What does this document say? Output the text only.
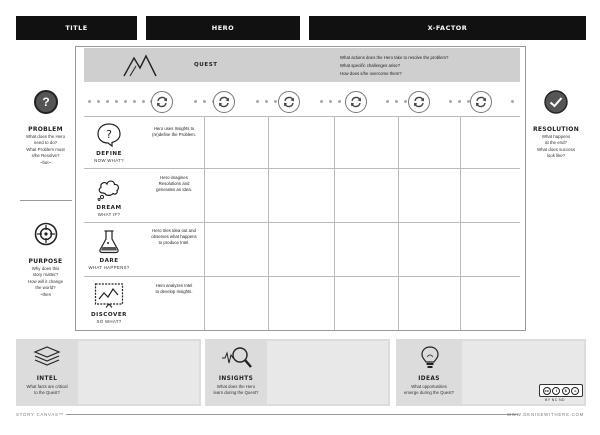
TITLE	HERO	X-FACTOR
?
PROBLEM
What does the Hero
need to do?
What Problem must
s/he Resolve?
~but~
PURPOSE
Why does this
story matter?
How will it change
the world?
~then
RESOLUTION
What happens
at the end?
What does success
look like?
QUEST
What actions does the Hero take to resolve the problem?
What specific challenges arise?
How does s/he overcome them?
?
DEFINE
NOW WHAT?
Hero uses Insights to
(re)define the Problem.
DREAM
WHAT IF?
Hero imagines
Resolutions and
generates an Idea.
DARE
WHAT HAPPENS?
Hero tries Idea out and
observes what happens
to produce Intel.
DISCOVER
SO WHAT?
Hero analyzes Intel
to develop Insights.
INTEL
What facts are critical
to the Quest?
INSIGHTS
What does the Hero
learn during the Quest?
IDEAS
What opportunities
emerge during the Quest?	cc	i	$	=
BY NC ND
STORY CANVAS™	WWW.DENISEWITHERS.COM
